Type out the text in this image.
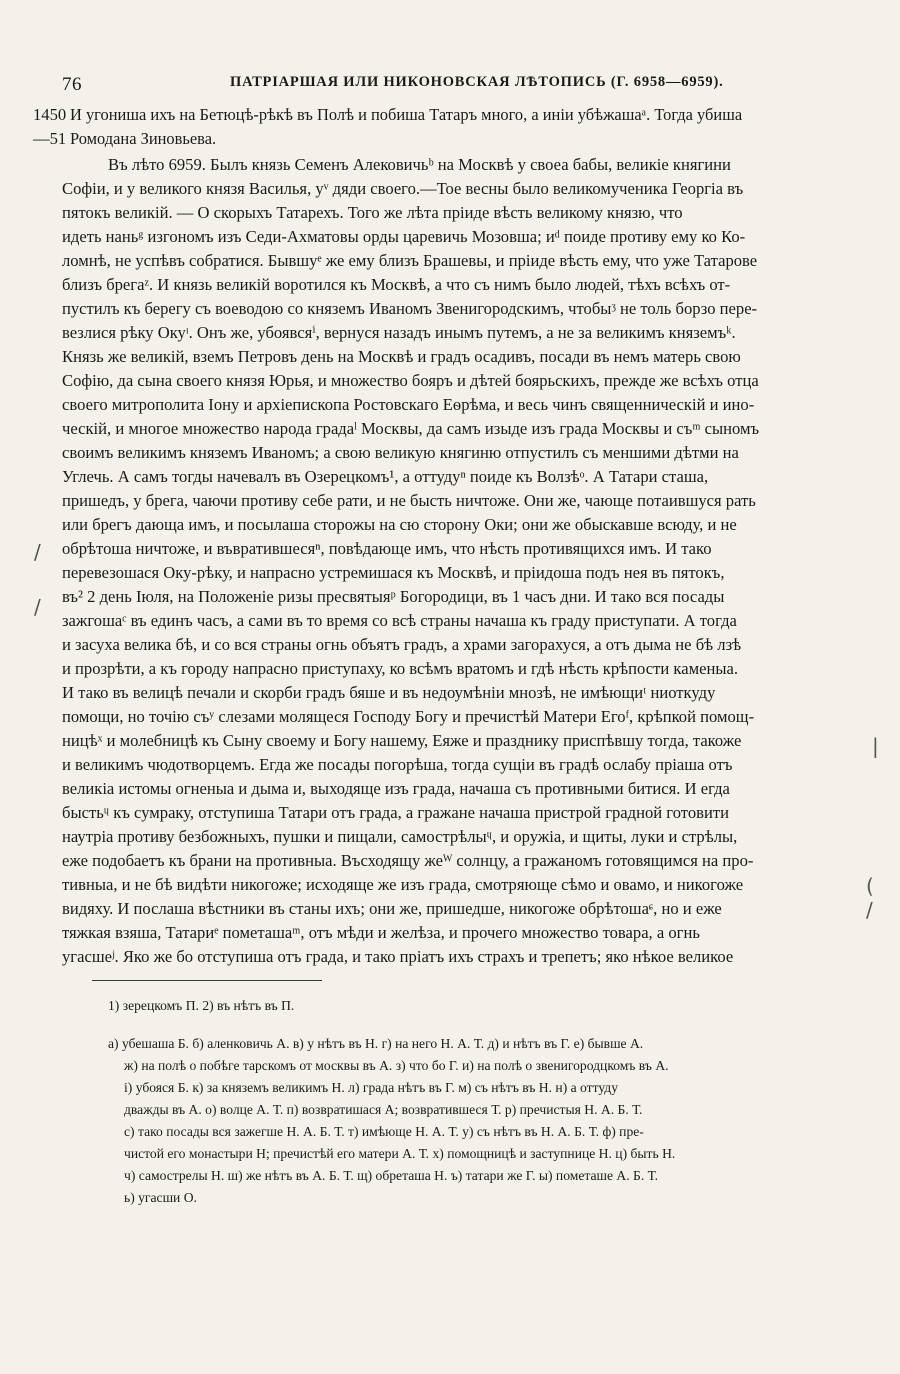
76	ПАТРІАРШАЯ ИЛИ НИКОНОВСКАЯ ЛѢТОПИСЬ (Г. 6958—6959).
1450
—51
И угониша ихъ на Бетюцѣ-рѣкѣ въ Полѣ и побиша Татаръ много, а иніи убѣжашаᵃ. Тогда убиша
Ромодана Зиновьева.
Въ лѣто 6959. Былъ князь Семенъ Алековичьᵇ на Москвѣ у своеа бабы, великіе княгини
Софіи, и у великого князя Василья, уᵛ дяди своего.—Тое весны было великомученика Георгіа въ
пятокъ великій. — О скорыхъ Татарехъ. Того же лѣта пріиде вѣсть великому князю, что
идеть наньᵍ изгономъ изъ Седи-Ахматовы орды царевичь Мозовша; иᵈ поиде противу ему ко Ко-
ломнѣ, не успѣвъ собратися. Бывшуᵉ же ему близъ Брашевы, и пріиде вѣсть ему, что уже Татарове
близъ брегаᶻ. И князь великій воротился къ Москвѣ, а что съ нимъ было людей, тѣхъ всѣхъ от-
пустилъ къ берегу съ воеводою со княземъ Иваномъ Звенигородскимъ, чтобыᶾ не толь борзо пере-
везлися рѣку Окуᶦ. Онъ же, убоявсяⁱ, вернуся назадъ инымъ путемъ, а не за великимъ княземъᵏ.
Князь же великій, вземъ Петровъ день на Москвѣ и градъ осадивъ, посади въ немъ матерь свою
Софію, да сына своего князя Юрья, и множество бояръ и дѣтей боярьскихъ, прежде же всѣхъ отца
своего митрополита Іону и архіепископа Ростовскаго Еѳрѣма, и весь чинъ священническій и ино-
ческій, и многое множество народа градаˡ Москвы, да самъ изыде изъ града Москвы и съᵐ сыномъ
своимъ великимъ княземъ Иваномъ; а свою великую княгиню отпустилъ съ меншими дѣтми на
Углечь. А самъ тогды начевалъ въ Озерецкомъ¹, а оттудуⁿ поиде къ Волзѣᵒ. А Татари сташа,
пришедъ, у брега, чаючи противу себе рати, и не бысть ничтоже. Они же, чающе потаившуся рать
или брегъ дающа имъ, и посылаша сторожы на сю сторону Оки; они же обыскавше всюду, и не
обрѣтоша ничтоже, и въвратившесяⁿ, повѣдающе имъ, что нѣсть противящихся имъ. И тако
перевезошася Оку-рѣку, и напрасно устремишася къ Москвѣ, и пріидоша подъ нея въ пятокъ,
въ² 2 день Іюля, на Положеніе ризы пресвятыяᵖ Богородици, въ 1 часъ дни. И тако вся посады
зажгошаᶜ въ единъ часъ, а сами въ то время со всѣ страны начаша къ граду приступати. А тогда
и засуха велика бѣ, и со вся страны огнь объятъ градъ, а храми загорахуся, а отъ дыма не бѣ лзѣ
и прозрѣти, а къ городу напрасно приступаху, ко всѣмъ вратомъ и гдѣ нѣсть крѣпости каменыа.
И тако въ велицѣ печали и скорби градъ бяше и въ недоумѣніи мнозѣ, не имѣющиᵗ ниоткуду
помощи, но точію съʸ слезами молящеся Господу Богу и пречистѣй Матери Егоᶠ, крѣпкой помощ-
ницѣˣ и молебницѣ къ Сыну своему и Богу нашему, Еяже и празднику приспѣвшу тогда, такоже
и великимъ чюдотворцемъ. Егда же посады погорѣша, тогда сущіи въ градѣ ослабу пріаша отъ
великіа истомы огненыа и дыма и, выходяще изъ града, начаша съ противными битися. И егда
быстьᶣ къ сумраку, отступиша Татари отъ града, а гражане начаша пристрой градной готовити
наутріа противу безбожныхъ, пушки и пищали, самострѣлыᶣ, и оружіа, и щиты, луки и стрѣлы,
еже подобаетъ къ брани на противныа. Въсходящу жеᵂ солнцу, а гражаномъ готовящимся на про-
тивныа, и не бѣ видѣти никогоже; исходяще же изъ града, смотряюще сѣмо и овамо, и никогоже
видяху. И послаша вѣстники въ станы ихъ; они же, пришедше, никогоже обрѣтошаᶝ, но и еже
тяжкая взяша, Татариᵉ пометашаᵐ, отъ мѣди и желѣза, и прочего множество товара, а огнь
угасшеʲ. Яко же бо отступиша отъ града, и тако пріатъ ихъ страхъ и трепетъ; яко нѣкое великое
/
/
|
(
/
1) зерецкомъ П. 2) въ нѣтъ въ П.
а) убешаша Б. б) аленковичь А. в) у нѣтъ въ Н. г) на него Н. А. Т. д) и нѣтъ въ Г. е) бывше А.
ж) на полѣ о побѣге тарскомъ от москвы въ А. з) что бо Г. и) на полѣ о звенигородцкомъ въ А.
і) убояся Б. к) за княземъ великимъ Н. л) града нѣтъ въ Г. м) съ нѣтъ въ Н. н) а оттуду
дважды въ А. о) волце А. Т. п) возвратишася А; возвратившеся Т. р) пречистыя Н. А. Б. Т.
с) тако посады вся зажегше Н. А. Б. Т. т) имѣюще Н. А. Т. у) съ нѣтъ въ Н. А. Б. Т. ф) пре-
чистой его монастыри Н; пречистѣй его матери А. Т. х) помощницѣ и заступнице Н. ц) быть Н.
ч) самострелы Н. ш) же нѣтъ въ А. Б. Т. щ) обреташа Н. ъ) татари же Г. ы) пометаше А. Б. Т.
ь) угасши О.
